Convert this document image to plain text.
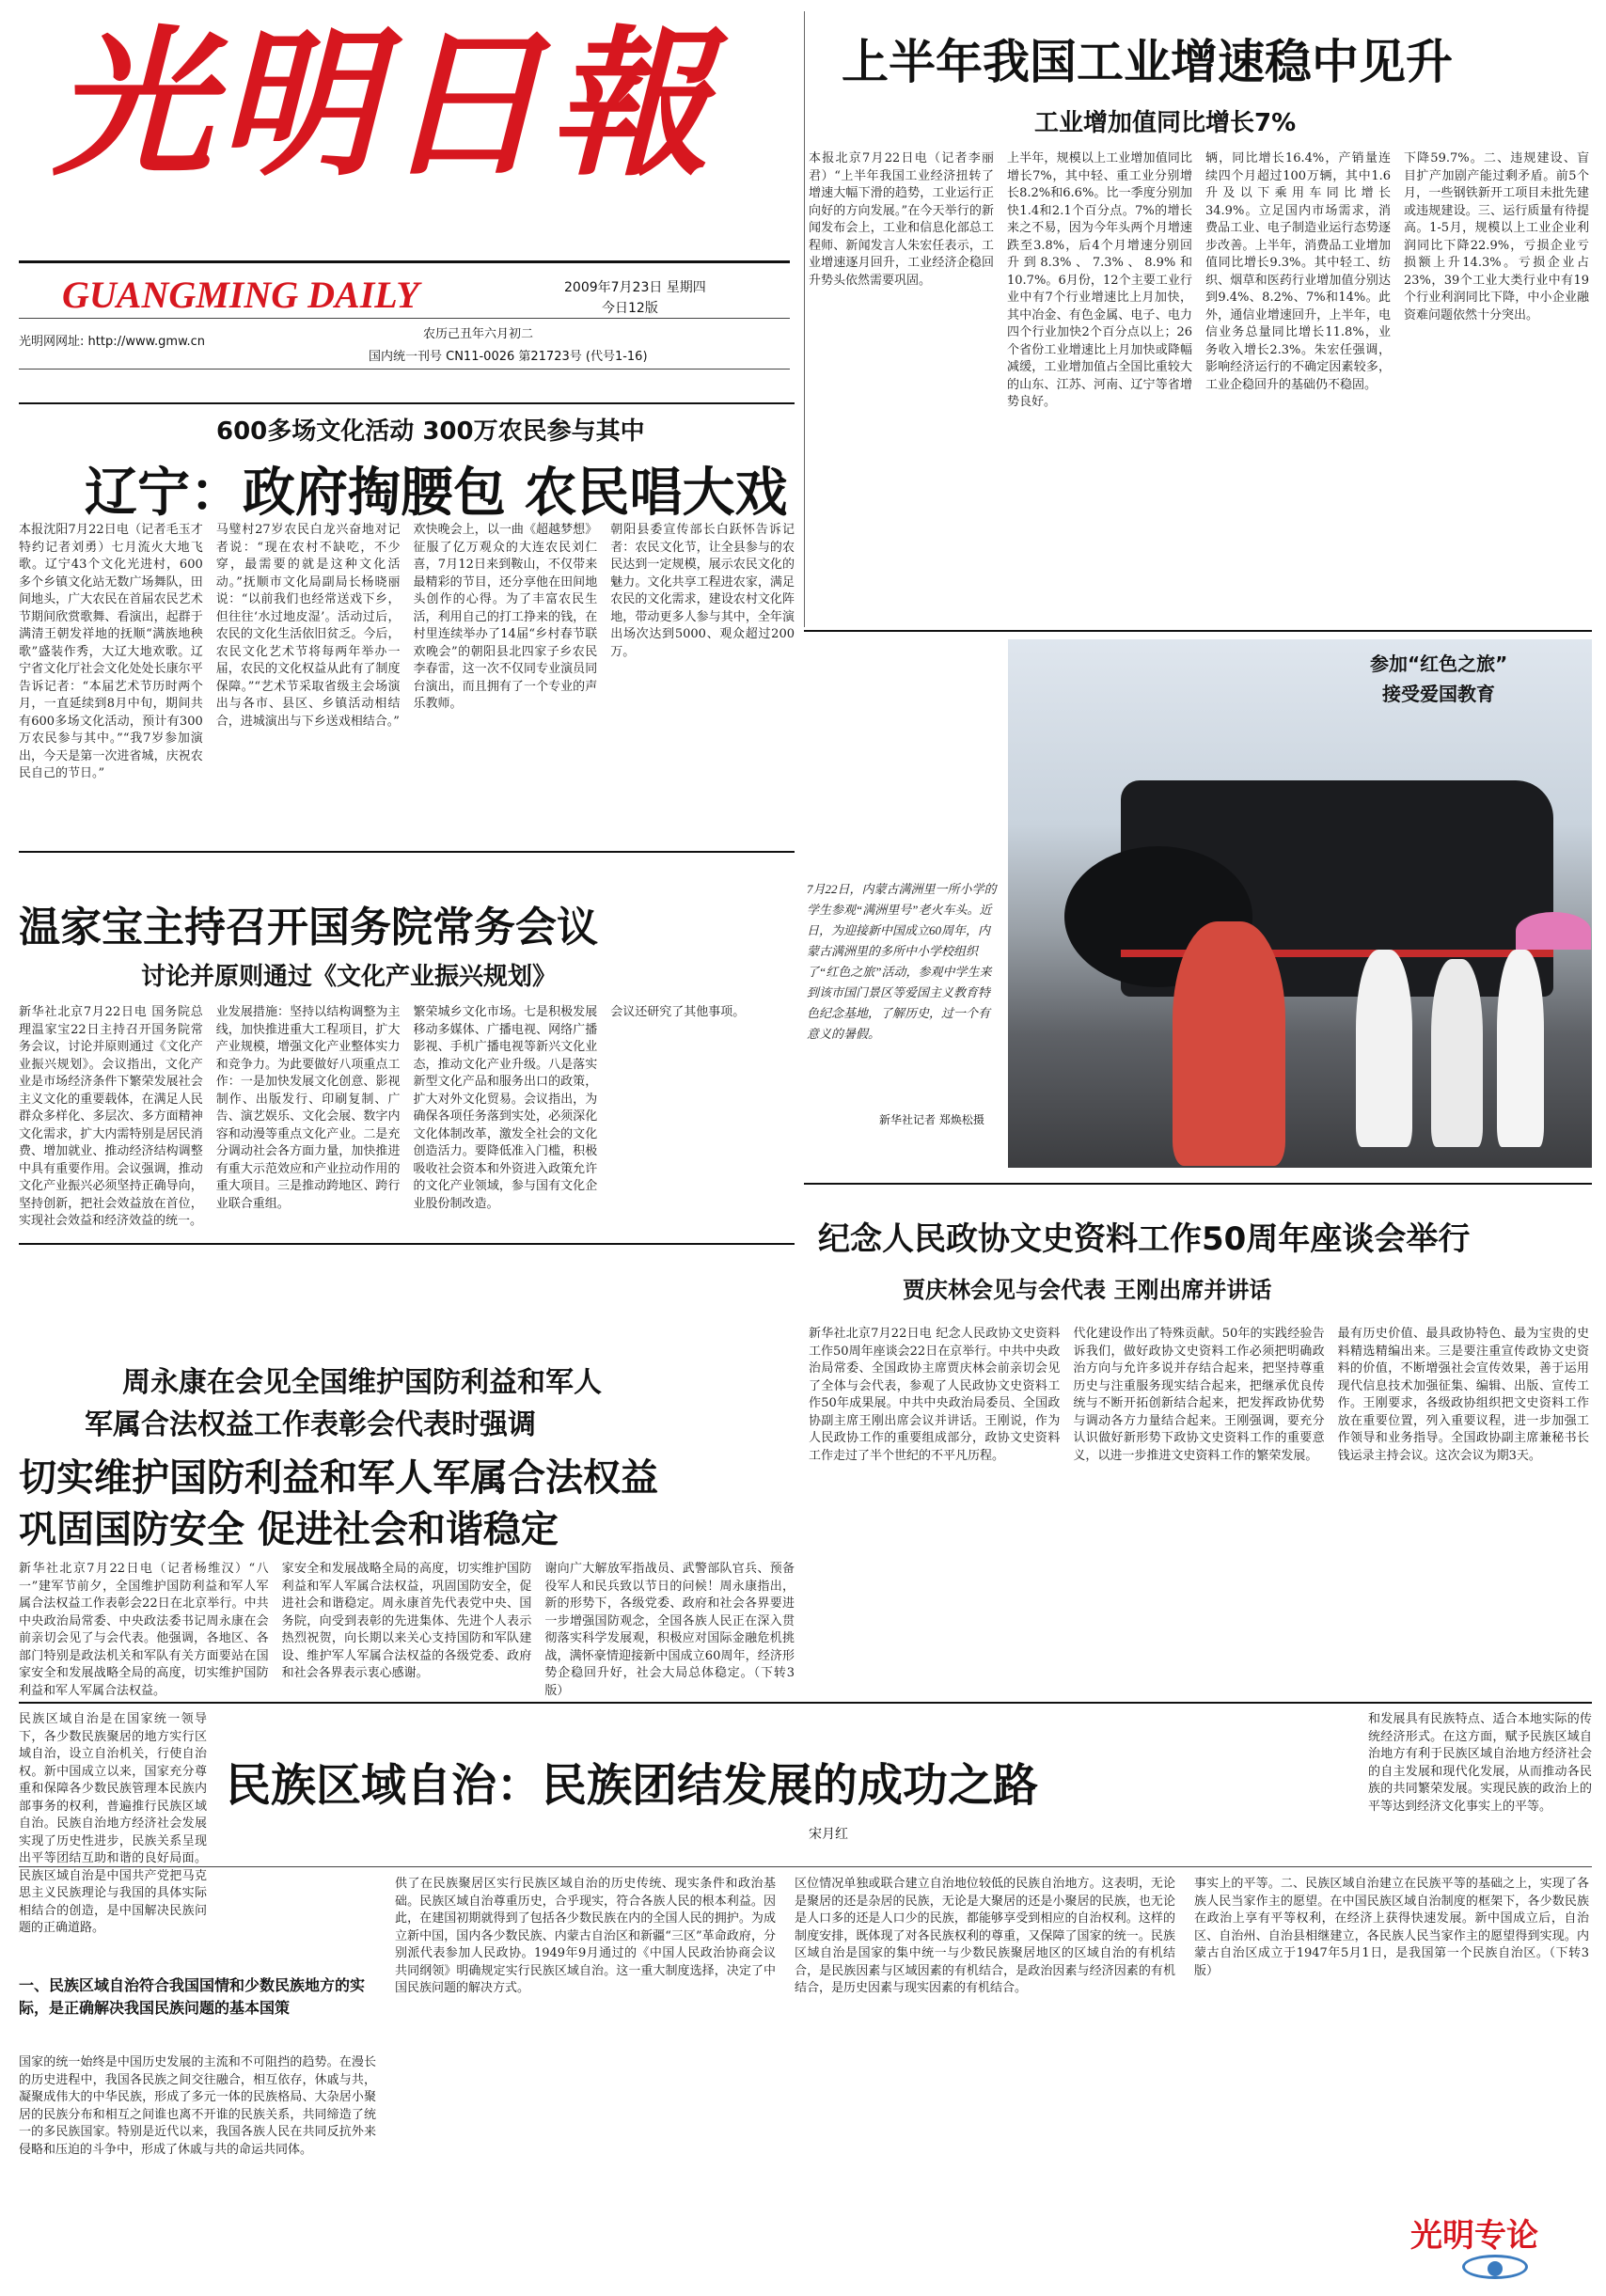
光明日報
GUANGMING DAILY	2009年7月23日 星期四
今日12版
光明网网址: http://www.gmw.cn
农历己丑年六月初二
国内统一刊号 CN11-0026 第21723号 (代号1-16)
上半年我国工业增速稳中见升
工业增加值同比增长7%
本报北京7月22日电（记者李丽君）“上半年我国工业经济扭转了增速大幅下滑的趋势，工业运行正向好的方向发展。”在今天举行的新闻发布会上，工业和信息化部总工程师、新闻发言人朱宏任表示，工业增速逐月回升，工业经济企稳回升势头依然需要巩固。
上半年，规模以上工业增加值同比增长7%，其中轻、重工业分别增长8.2%和6.6%。比一季度分别加快1.4和2.1个百分点。7%的增长来之不易，因为今年头两个月增速跌至3.8%，后4个月增速分别回升到8.3%、7.3%、8.9%和10.7%。6月份，12个主要工业行业中有7个行业增速比上月加快，其中冶金、有色金属、电子、电力四个行业加快2个百分点以上；26个省份工业增速比上月加快或降幅减缓，工业增加值占全国比重较大的山东、江苏、河南、辽宁等省增势良好。
辆，同比增长16.4%，产销量连续四个月超过100万辆，其中1.6升及以下乘用车同比增长34.9%。立足国内市场需求，消费品工业、电子制造业运行态势逐步改善。上半年，消费品工业增加值同比增长9.3%。其中轻工、纺织、烟草和医药行业增加值分别达到9.4%、8.2%、7%和14%。此外，通信业增速回升，上半年，电信业务总量同比增长11.8%，业务收入增长2.3%。朱宏任强调，影响经济运行的不确定因素较多，工业企稳回升的基础仍不稳固。
下降59.7%。二、违规建设、盲目扩产加剧产能过剩矛盾。前5个月，一些钢铁新开工项目未批先建或违规建设。三、运行质量有待提高。1-5月，规模以上工业企业利润同比下降22.9%，亏损企业亏损额上升14.3%。亏损企业占23%，39个工业大类行业中有19个行业利润同比下降，中小企业融资难问题依然十分突出。
600多场文化活动 300万农民参与其中
辽宁：政府掏腰包 农民唱大戏
本报沈阳7月22日电（记者毛玉才 特约记者刘勇）七月流火大地飞歌。辽宁43个文化光进村，600多个乡镇文化站无数广场舞队，田间地头，广大农民在首届农民艺术节期间欣赏歌舞、看演出，起群于满清王朝发祥地的抚顺“满族地秧歌”盛装作秀，大辽大地欢歌。辽宁省文化厅社会文化处处长康尔平告诉记者：“本届艺术节历时两个月，一直延续到8月中旬，期间共有600多场文化活动，预计有300万农民参与其中。”“我7岁参加演出，今天是第一次进省城，庆祝农民自己的节日。”
马璧村27岁农民白龙兴奋地对记者说：“现在农村不缺吃，不少穿，最需要的就是这种文化活动。”抚顺市文化局副局长杨晓丽说：“以前我们也经常送戏下乡，但往往‘水过地皮湿’。活动过后，农民的文化生活依旧贫乏。今后，农民文化艺术节将每两年举办一届，农民的文化权益从此有了制度保障。”“艺术节采取省级主会场演出与各市、县区、乡镇活动相结合，进城演出与下乡送戏相结合。”
欢快晚会上，以一曲《超越梦想》征服了亿万观众的大连农民刘仁喜，7月12日来到鞍山，不仅带来最精彩的节目，还分享他在田间地头创作的心得。为了丰富农民生活，利用自己的打工挣来的钱，在村里连续举办了14届“乡村春节联欢晚会”的朝阳县北四家子乡农民李春雷，这一次不仅同专业演员同台演出，而且拥有了一个专业的声乐教师。
朝阳县委宣传部长白跃怀告诉记者：农民文化节，让全县参与的农民达到一定规模，展示农民文化的魅力。文化共享工程进农家，满足农民的文化需求，建设农村文化阵地，带动更多人参与其中，全年演出场次达到5000、观众超过200万。
参加“红色之旅”
接受爱国教育
7月22日，内蒙古满洲里一所小学的学生参观“满洲里号”老火车头。近日，为迎接新中国成立60周年，内蒙古满洲里的多所中小学校组织了“红色之旅”活动，参观中学生来到该市国门景区等爱国主义教育特色纪念基地，了解历史，过一个有意义的暑假。
新华社记者 郑焕松摄
温家宝主持召开国务院常务会议
讨论并原则通过《文化产业振兴规划》
新华社北京7月22日电 国务院总理温家宝22日主持召开国务院常务会议，讨论并原则通过《文化产业振兴规划》。会议指出，文化产业是市场经济条件下繁荣发展社会主义文化的重要载体，在满足人民群众多样化、多层次、多方面精神文化需求，扩大内需特别是居民消费、增加就业、推动经济结构调整中具有重要作用。会议强调，推动文化产业振兴必须坚持正确导向，坚持创新，把社会效益放在首位，实现社会效益和经济效益的统一。
业发展措施：坚持以结构调整为主线，加快推进重大工程项目，扩大产业规模，增强文化产业整体实力和竞争力。为此要做好八项重点工作：一是加快发展文化创意、影视制作、出版发行、印刷复制、广告、演艺娱乐、文化会展、数字内容和动漫等重点文化产业。二是充分调动社会各方面力量，加快推进有重大示范效应和产业拉动作用的重大项目。三是推动跨地区、跨行业联合重组。
繁荣城乡文化市场。七是积极发展移动多媒体、广播电视、网络广播影视、手机广播电视等新兴文化业态，推动文化产业升级。八是落实新型文化产品和服务出口的政策，扩大对外文化贸易。会议指出，为确保各项任务落到实处，必须深化文化体制改革，激发全社会的文化创造活力。要降低准入门槛，积极吸收社会资本和外资进入政策允许的文化产业领域，参与国有文化企业股份制改造。
会议还研究了其他事项。
纪念人民政协文史资料工作50周年座谈会举行
贾庆林会见与会代表 王刚出席并讲话
新华社北京7月22日电 纪念人民政协文史资料工作50周年座谈会22日在京举行。中共中央政治局常委、全国政协主席贾庆林会前亲切会见了全体与会代表，参观了人民政协文史资料工作50年成果展。中共中央政治局委员、全国政协副主席王刚出席会议并讲话。王刚说，作为人民政协工作的重要组成部分，政协文史资料工作走过了半个世纪的不平凡历程。
代化建设作出了特殊贡献。50年的实践经验告诉我们，做好政协文史资料工作必须把明确政治方向与允许多说并存结合起来，把坚持尊重历史与注重服务现实结合起来，把继承优良传统与不断开拓创新结合起来，把发挥政协优势与调动各方力量结合起来。王刚强调，要充分认识做好新形势下政协文史资料工作的重要意义，以进一步推进文史资料工作的繁荣发展。
最有历史价值、最具政协特色、最为宝贵的史料精选精编出来。三是要注重宣传政协文史资料的价值，不断增强社会宣传效果，善于运用现代信息技术加强征集、编辑、出版、宣传工作。王刚要求，各级政协组织把文史资料工作放在重要位置，列入重要议程，进一步加强工作领导和业务指导。全国政协副主席兼秘书长钱运录主持会议。这次会议为期3天。
周永康在会见全国维护国防利益和军人
军属合法权益工作表彰会代表时强调
切实维护国防利益和军人军属合法权益
巩固国防安全 促进社会和谐稳定
新华社北京7月22日电（记者杨维汉）“八一”建军节前夕，全国维护国防利益和军人军属合法权益工作表彰会22日在北京举行。中共中央政治局常委、中央政法委书记周永康在会前亲切会见了与会代表。他强调，各地区、各部门特别是政法机关和军队有关方面要站在国家安全和发展战略全局的高度，切实维护国防利益和军人军属合法权益。
家安全和发展战略全局的高度，切实维护国防利益和军人军属合法权益，巩固国防安全，促进社会和谐稳定。周永康首先代表党中央、国务院，向受到表彰的先进集体、先进个人表示热烈祝贺，向长期以来关心支持国防和军队建设、维护军人军属合法权益的各级党委、政府和社会各界表示衷心感谢。
谢向广大解放军指战员、武警部队官兵、预备役军人和民兵致以节日的问候！周永康指出，新的形势下，各级党委、政府和社会各界要进一步增强国防观念，全国各族人民正在深入贯彻落实科学发展观，积极应对国际金融危机挑战，满怀豪情迎接新中国成立60周年，经济形势企稳回升好，社会大局总体稳定。（下转3版）
民族区域自治是在国家统一领导下，各少数民族聚居的地方实行区域自治，设立自治机关，行使自治权。新中国成立以来，国家充分尊重和保障各少数民族管理本民族内部事务的权利，普遍推行民族区域自治。民族自治地方经济社会发展实现了历史性进步，民族关系呈现出平等团结互助和谐的良好局面。民族区域自治是中国共产党把马克思主义民族理论与我国的具体实际相结合的创造，是中国解决民族问题的正确道路。
民族区域自治：民族团结发展的成功之路
宋月红
和发展具有民族特点、适合本地实际的传统经济形式。在这方面，赋予民族区域自治地方有利于民族区域自治地方经济社会的自主发展和现代化发展，从而推动各民族的共同繁荣发展。实现民族的政治上的平等达到经济文化事实上的平等。
一、民族区域自治符合我国国情和少数民族地方的实际，是正确解决我国民族问题的基本国策
国家的统一始终是中国历史发展的主流和不可阻挡的趋势。在漫长的历史进程中，我国各民族之间交往融合，相互依存，休戚与共，凝聚成伟大的中华民族，形成了多元一体的民族格局、大杂居小聚居的民族分布和相互之间谁也离不开谁的民族关系，共同缔造了统一的多民族国家。特别是近代以来，我国各族人民在共同反抗外来侵略和压迫的斗争中，形成了休戚与共的命运共同体。
供了在民族聚居区实行民族区域自治的历史传统、现实条件和政治基础。民族区域自治尊重历史，合乎现实，符合各族人民的根本利益。因此，在建国初期就得到了包括各少数民族在内的全国人民的拥护。为成立新中国，国内各少数民族、内蒙古自治区和新疆“三区”革命政府，分别派代表参加人民政协。1949年9月通过的《中国人民政治协商会议共同纲领》明确规定实行民族区域自治。这一重大制度选择，决定了中国民族问题的解决方式。
区位情况单独或联合建立自治地位较低的民族自治地方。这表明，无论是聚居的还是杂居的民族，无论是大聚居的还是小聚居的民族，也无论是人口多的还是人口少的民族，都能够享受到相应的自治权利。这样的制度安排，既体现了对各民族权利的尊重，又保障了国家的统一。民族区域自治是国家的集中统一与少数民族聚居地区的区域自治的有机结合，是民族因素与区域因素的有机结合，是政治因素与经济因素的有机结合，是历史因素与现实因素的有机结合。
事实上的平等。二、民族区域自治建立在民族平等的基础之上，实现了各族人民当家作主的愿望。在中国民族区域自治制度的框架下，各少数民族在政治上享有平等权利，在经济上获得快速发展。新中国成立后，自治区、自治州、自治县相继建立，各民族人民当家作主的愿望得到实现。内蒙古自治区成立于1947年5月1日，是我国第一个民族自治区。（下转3版）
光明专论
